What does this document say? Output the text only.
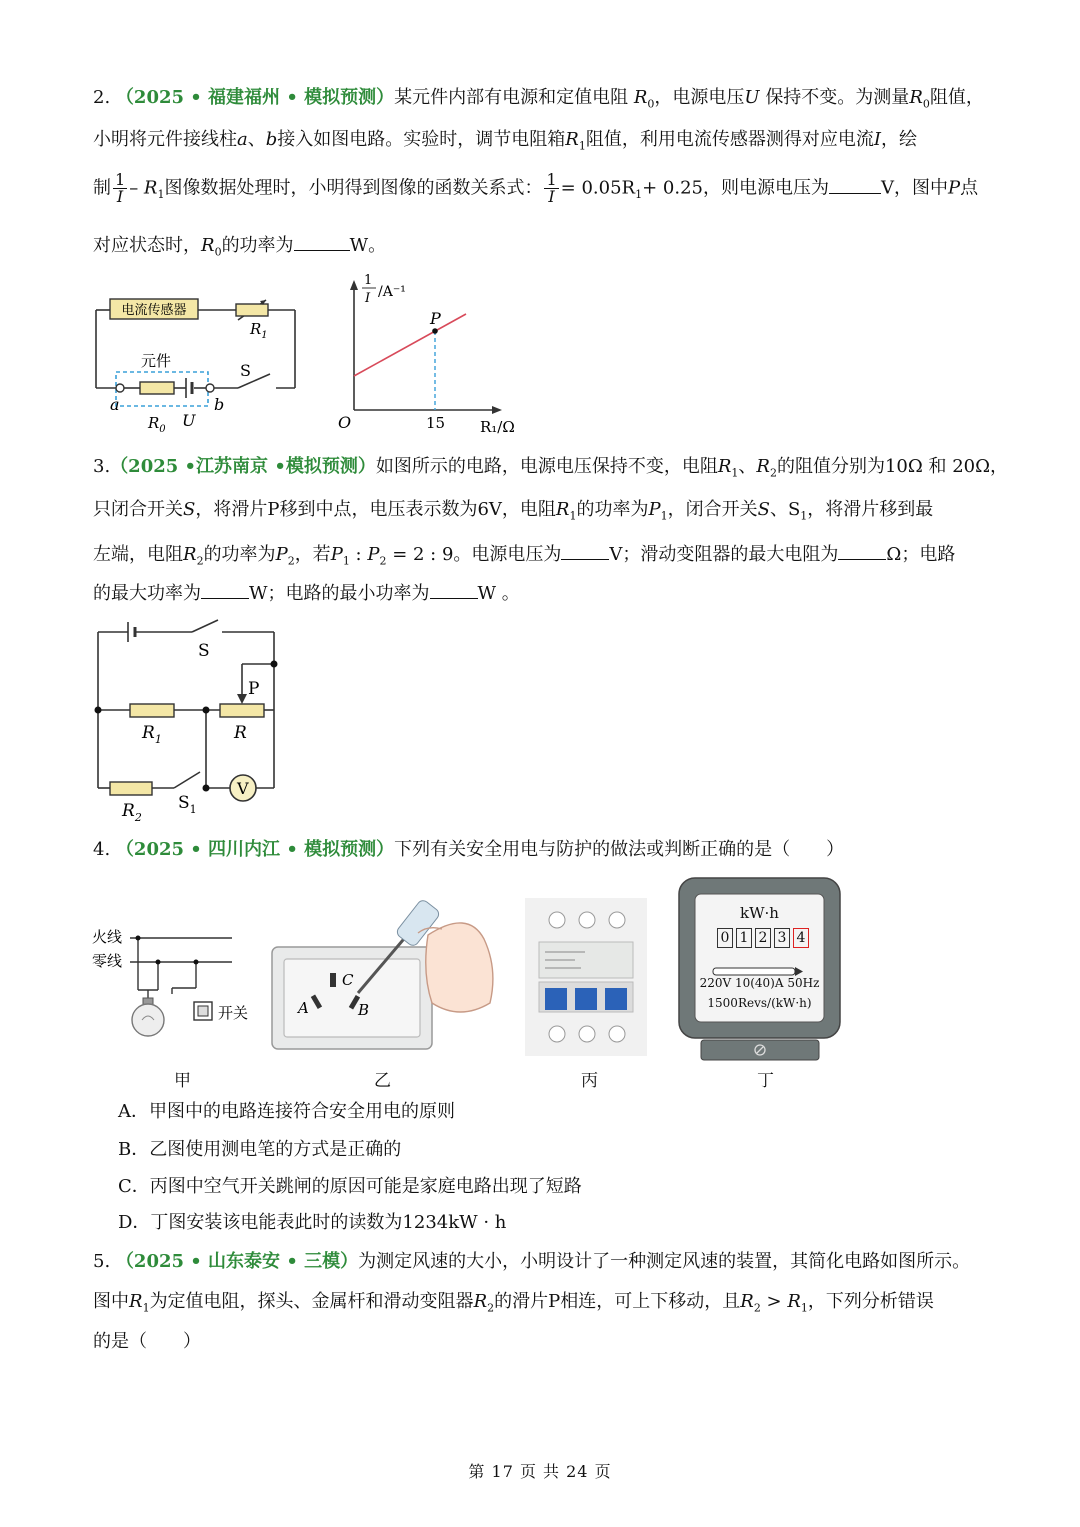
2. （2025 • 福建福州 • 模拟预测）某元件内部有电源和定值电阻 $R_0$，电源电压U 保持不变。为测量$R_0$阻值，
小明将元件接线柱a、b接入如图电路。实验时，调节电阻箱$R_1$阻值，利用电流传感器测得对应电流I，绘
制 $\frac{1}{I} - R_1$图像数据处理时，小明得到图像的函数关系式： $\frac{1}{I} = 0.05R_1+ 0.25$，则电源电压为	V，图中P点
对应状态时，$R_0$的功率为	W。
电流传感器
$R_1$
元件
a	b
S
$R_0$ U
1
I /A⁻¹
P
O	15 R₁/Ω
3.（2025 •江苏南京 •模拟预测）如图所示的电路，电源电压保持不变，电阻$R_1$、$R_2$的阻值分别为10Ω 和 20Ω，
只闭合开关S，将滑片P移到中点，电压表示数为6V，电阻$R_1$的功率为$P_1$，闭合开关S、$S_1$，将滑片移到最
左端，电阻$R_2$的功率为$P_2$，若$P_1$ : $P_2 = 2$ : 9。电源电压为	V；滑动变阻器的最大电阻为	Ω；电路
的最大功率为	W；电路的最小功率为	W 。
V
S
P
$R_1$	R
$R_2$
$S_1$
4. （2025 • 四川内江 • 模拟预测）下列有关安全用电与防护的做法或判断正确的是（　　）
火线
零线
开关
C
A	B
kW·h
0 1 2 3 4
220V 10(40)A 50Hz
1500Revs/(kW·h)
甲	乙	丙	丁
A．甲图中的电路连接符合安全用电的原则
B．乙图使用测电笔的方式是正确的
C．丙图中空气开关跳闸的原因可能是家庭电路出现了短路
D．丁图安装该电能表此时的读数为1234kW · h
5. （2025 • 山东泰安 • 三模）为测定风速的大小，小明设计了一种测定风速的装置，其简化电路如图所示。
图中$R_1$为定值电阻，探头、金属杆和滑动变阻器$R_2$的滑片P相连，可上下移动，且$R_2 > R_1$，下列分析错误
的是（　　）
第 17 页 共 24 页
